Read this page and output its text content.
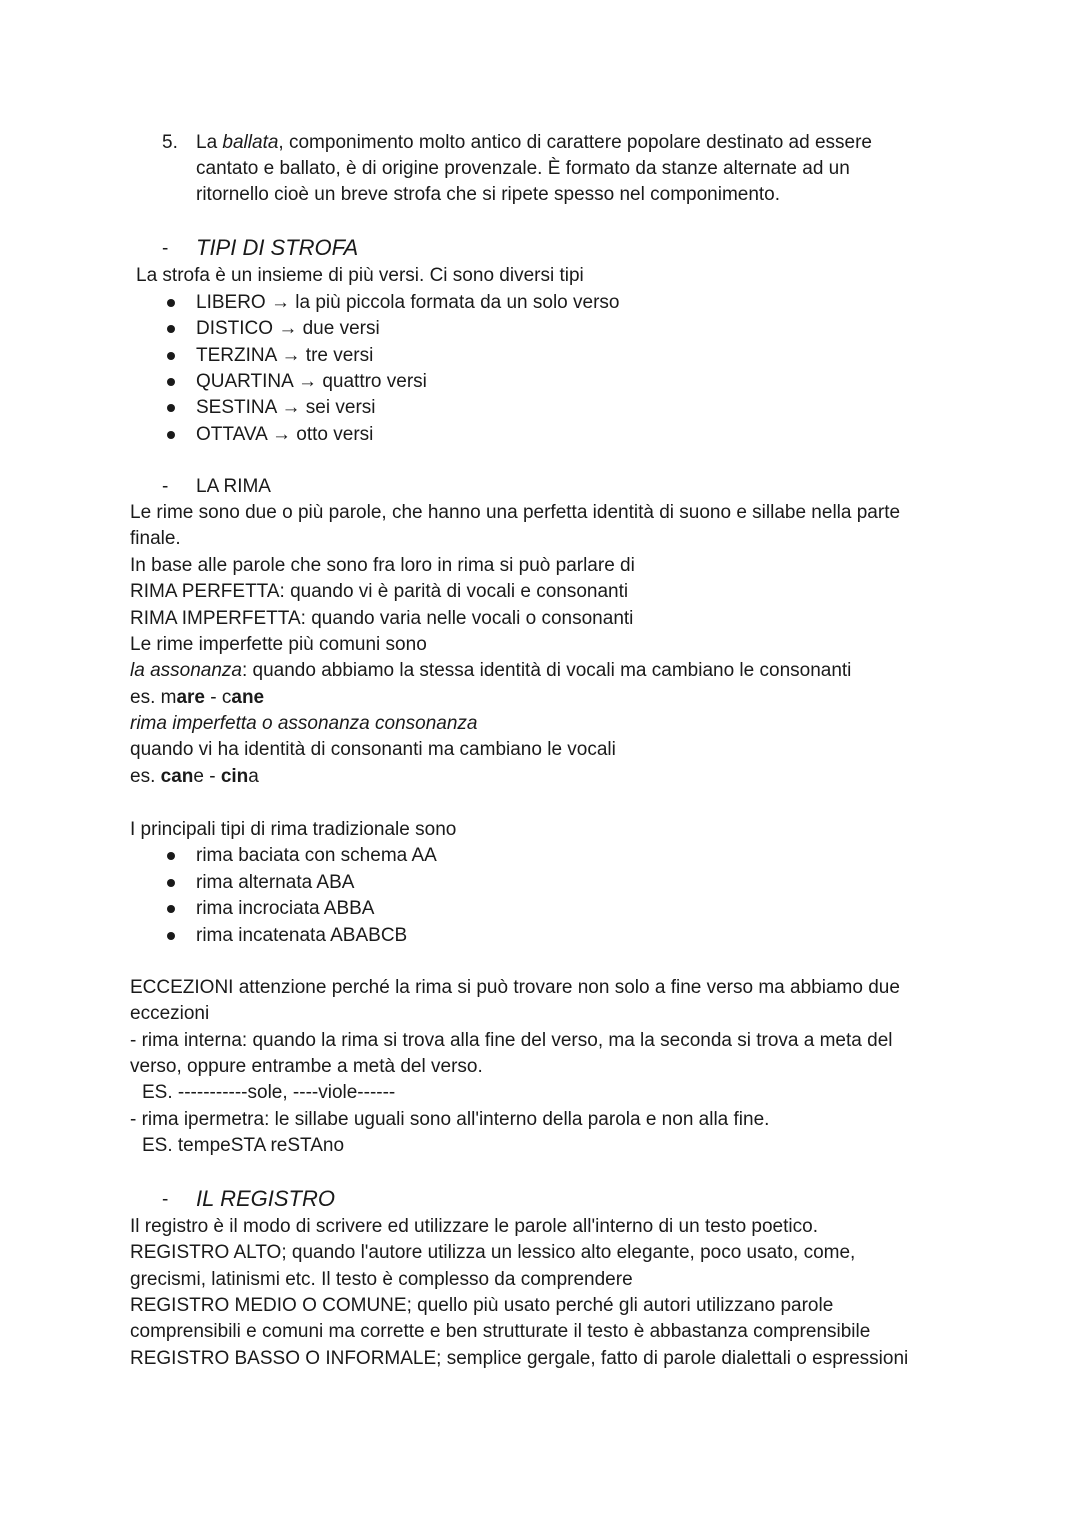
5. La ballata, componimento molto antico di carattere popolare destinato ad essere
cantato e ballato, è di origine provenzale. È formato da stanze alternate ad un
ritornello cioè un breve strofa che si ripete spesso nel componimento.
- TIPI DI STROFA
La strofa è un insieme di più versi. Ci sono diversi tipi
LIBERO → la più piccola formata da un solo verso
DISTICO → due versi
TERZINA → tre versi
QUARTINA → quattro versi
SESTINA → sei versi
OTTAVA → otto versi
- LA RIMA
Le rime sono due o più parole, che hanno una perfetta identità di suono e sillabe nella parte
finale.
In base alle parole che sono fra loro in rima si può parlare di
RIMA PERFETTA: quando vi è parità di vocali e consonanti
RIMA IMPERFETTA: quando varia nelle vocali o consonanti
Le rime imperfette più comuni sono
la assonanza: quando abbiamo la stessa identità di vocali ma cambiano le consonanti
es. mare - cane
rima imperfetta o assonanza consonanza
quando vi ha identità di consonanti ma cambiano le vocali
es. cane - cina
I principali tipi di rima tradizionale sono
rima baciata con schema AA
rima alternata ABA
rima incrociata ABBA
rima incatenata ABABCB
ECCEZIONI attenzione perché la rima si può trovare non solo a fine verso ma abbiamo due
eccezioni
- rima interna: quando la rima si trova alla fine del verso, ma la seconda si trova a meta del
verso, oppure entrambe a metà del verso.
ES. -----------sole, ----viole------
- rima ipermetra: le sillabe uguali sono all'interno della parola e non alla fine.
ES. tempeSTA reSTAno
- IL REGISTRO
Il registro è il modo di scrivere ed utilizzare le parole all'interno di un testo poetico.
REGISTRO ALTO; quando l'autore utilizza un lessico alto elegante, poco usato, come,
grecismi, latinismi etc. Il testo è complesso da comprendere
REGISTRO MEDIO O COMUNE; quello più usato perché gli autori utilizzano parole
comprensibili e comuni ma corrette e ben strutturate il testo è abbastanza comprensibile
REGISTRO BASSO O INFORMALE; semplice gergale, fatto di parole dialettali o espressioni
